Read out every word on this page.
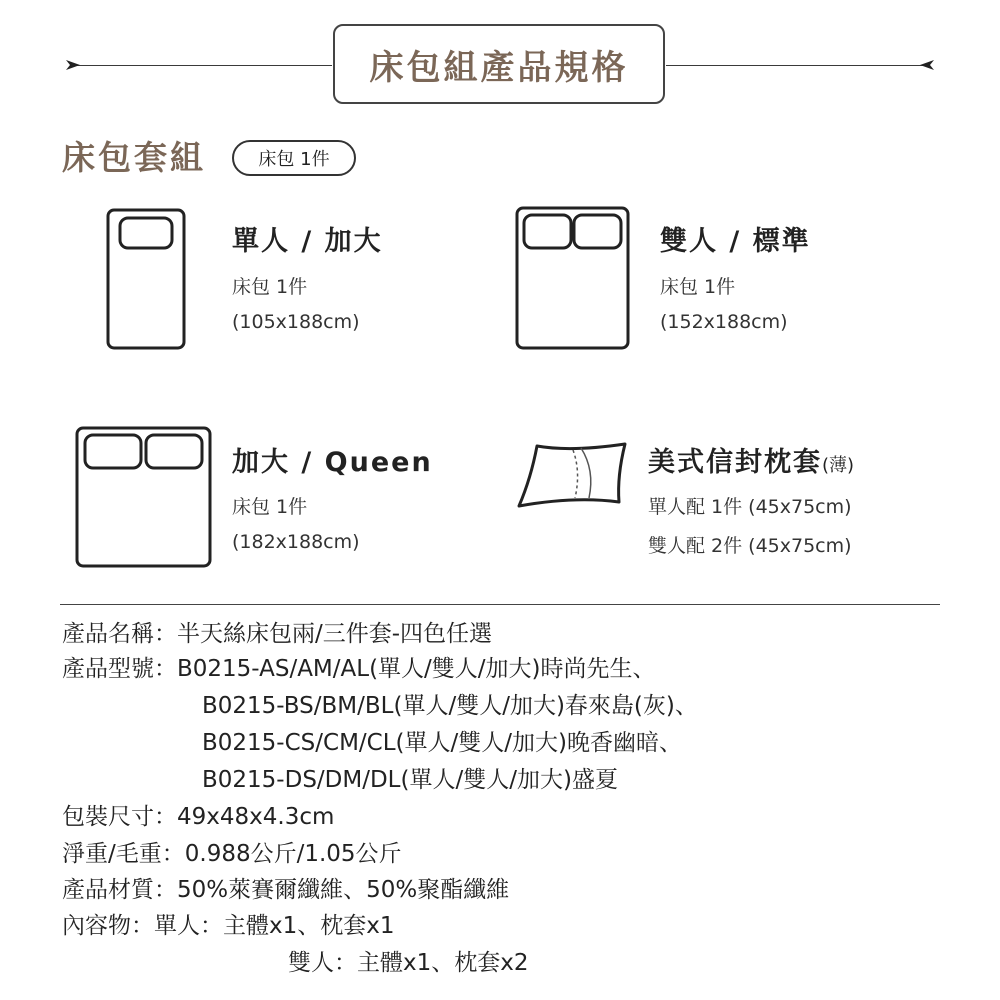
床包組產品規格
床包套組	床包 1件
單人 / 加大
床包 1件
(105x188cm)
雙人 / 標準
床包 1件
(152x188cm)
加大 / Queen
床包 1件
(182x188cm)
美式信封枕套(薄)
單人配 1件 (45x75cm)
雙人配 2件 (45x75cm)
產品名稱：半天絲床包兩/三件套-四色任選
產品型號：B0215-AS/AM/AL(單人/雙人/加大)時尚先生、
B0215-BS/BM/BL(單人/雙人/加大)春來島(灰)、
B0215-CS/CM/CL(單人/雙人/加大)晚香幽暗、
B0215-DS/DM/DL(單人/雙人/加大)盛夏
包裝尺寸：49x48x4.3cm
淨重/毛重：0.988公斤/1.05公斤
產品材質：50%萊賽爾纖維、50%聚酯纖維
內容物：單人：主體x1、枕套x1
雙人：主體x1、枕套x2
